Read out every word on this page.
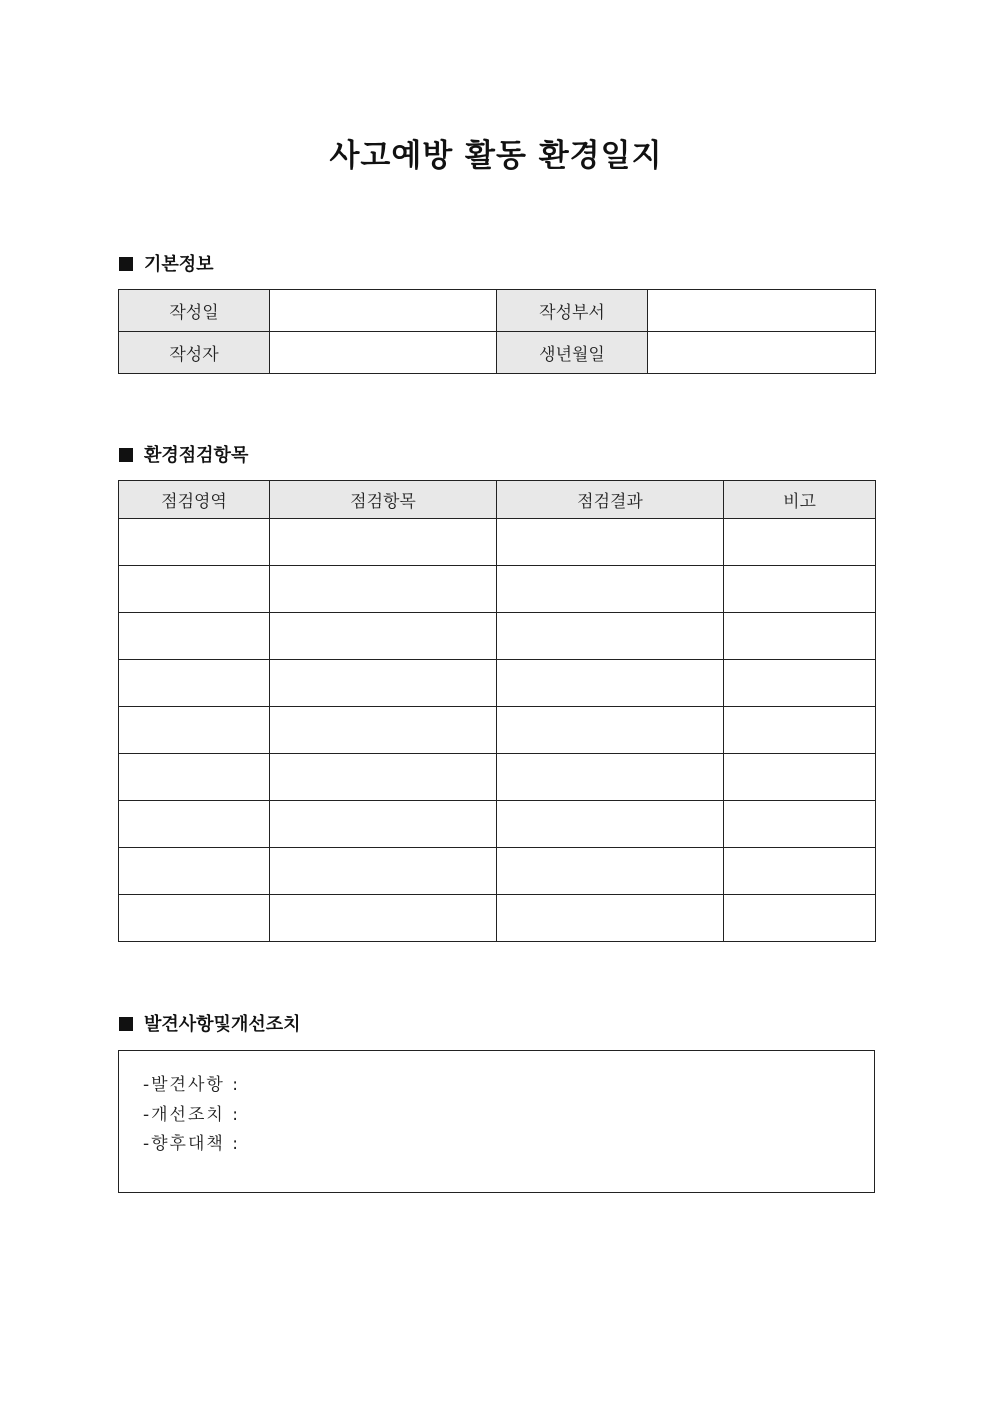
사고예방 활동 환경일지
기본정보
작성일		작성부서	
작성자		생년월일	
환경점검항목
점검영역	점검항목	점검결과	비고

발견사항및개선조치
-발견사항 :
-개선조치 :
-향후대책 :
